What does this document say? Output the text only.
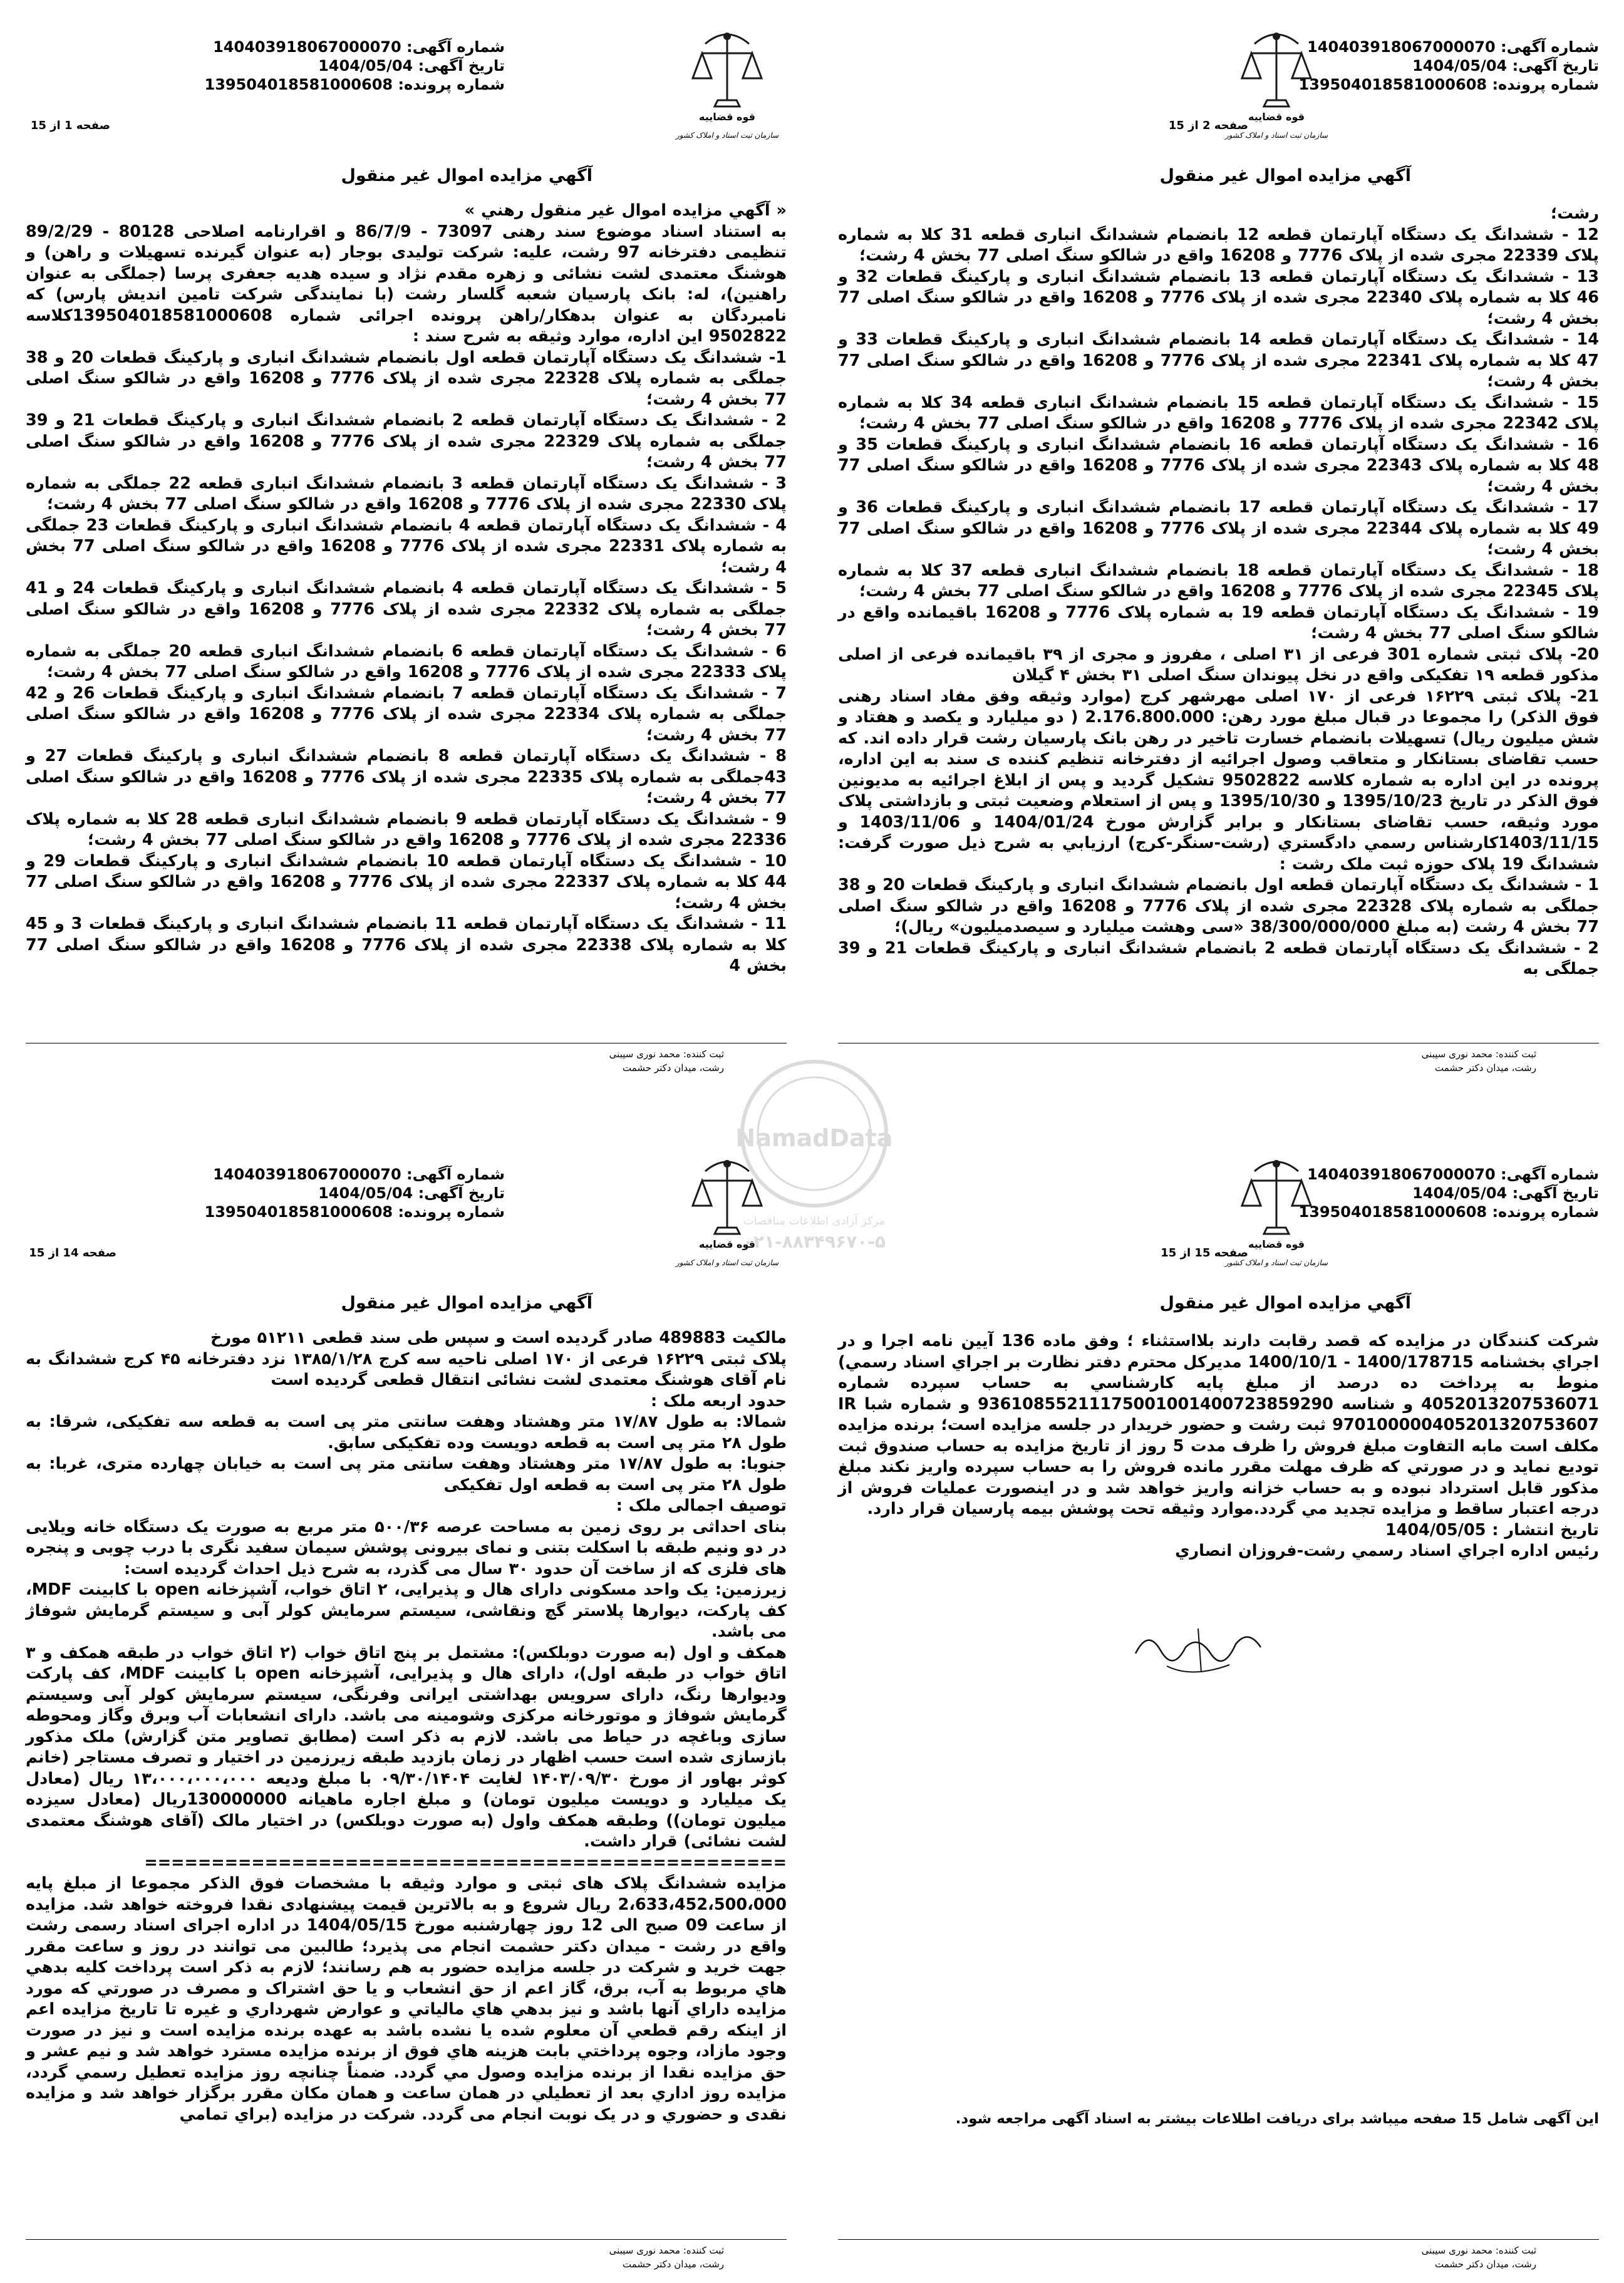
شماره آگهی: 140403918067000070
تاریخ آگهی: 1404/05/04
شماره پرونده: 139504018581000608
قوه قضاییه
سازمان ثبت اسناد و املاک کشور
صفحه 2 از 15
آگهي مزايده اموال غير منقول

رشت؛

12 - ششدانگ يک دستگاه آپارتمان قطعه 12 بانضمام ششدانگ انباری قطعه 31 کلا به شماره پلاک 22339 مجری شده از پلاک 7776 و 16208 واقع در شالکو سنگ اصلی 77 بخش 4 رشت؛

13 - ششدانگ يک دستگاه آپارتمان قطعه 13 بانضمام ششدانگ انباری و پارکينگ قطعات 32 و 46 کلا به شماره پلاک 22340 مجری شده از پلاک 7776 و 16208 واقع در شالکو سنگ اصلی 77 بخش 4 رشت؛

14 - ششدانگ يک دستگاه آپارتمان قطعه 14 بانضمام ششدانگ انباری و پارکينگ قطعات 33 و 47 کلا به شماره پلاک 22341 مجری شده از پلاک 7776 و 16208 واقع در شالکو سنگ اصلی 77 بخش 4 رشت؛

15 - ششدانگ يک دستگاه آپارتمان قطعه 15 بانضمام ششدانگ انباری قطعه 34 کلا به شماره پلاک 22342 مجری شده از پلاک 7776 و 16208 واقع در شالکو سنگ اصلی 77 بخش 4 رشت؛

16 - ششدانگ يک دستگاه آپارتمان قطعه 16 بانضمام ششدانگ انباری و پارکينگ قطعات 35 و 48 کلا به شماره پلاک 22343 مجری شده از پلاک 7776 و 16208 واقع در شالکو سنگ اصلی 77 بخش 4 رشت؛

17 - ششدانگ يک دستگاه آپارتمان قطعه 17 بانضمام ششدانگ انباری و پارکينگ قطعات 36 و 49 کلا به شماره پلاک 22344 مجری شده از پلاک 7776 و 16208 واقع در شالکو سنگ اصلی 77 بخش 4 رشت؛

18 - ششدانگ يک دستگاه آپارتمان قطعه 18 بانضمام ششدانگ انباری قطعه 37 کلا به شماره پلاک 22345 مجری شده از پلاک 7776 و 16208 واقع در شالکو سنگ اصلی 77 بخش 4 رشت؛

19 - ششدانگ يک دستگاه آپارتمان قطعه 19 به شماره پلاک 7776 و 16208 باقيمانده واقع در شالکو سنگ اصلی 77 بخش 4 رشت؛

20- پلاک ثبتی شماره 301 فرعی از ۳۱ اصلی ، مفروز و مجری از ۳۹ باقیمانده فرعی از اصلی مذکور قطعه ۱۹ تفکیکی واقع در نخل پیوندان سنگ اصلی ۳۱ بخش ۴ گیلان

21- پلاک ثبتی ۱۶۲۲۹ فرعی از ۱۷۰ اصلی مهرشهر کرج (موارد وثیقه وفق مفاد اسناد رهنی فوق الذکر) را مجموعا در قبال مبلغ مورد رهن: 2.176.800.000 ( دو میلیارد و یکصد و هفتاد و شش میلیون ریال) تسهیلات بانضمام خسارت تاخیر در رهن بانک پارسیان رشت قرار داده اند. که حسب تقاضای بستانکار و متعاقب وصول اجرائیه از دفترخانه تنظیم کننده ی سند به این اداره، پرونده در این اداره به شماره کلاسه 9502822 تشکیل گردید و پس از ابلاغ اجرائیه به مدیونین فوق الذکر در تاریخ 1395/10/23 و 1395/10/30 و پس از استعلام وضعیت ثبتی و بازداشتی پلاک مورد وثیقه، حسب تقاضای بستانکار و برابر گزارش مورخ 1404/01/24 و 1403/11/06 و 1403/11/15کارشناس رسمي دادگستري (رشت-سنگر-کرج) ارزيابي به شرح ذيل صورت گرفت: ششدانگ 19 پلاک حوزه ثبت ملک رشت :

1 - ششدانگ يک دستگاه آپارتمان قطعه اول بانضمام ششدانگ انباری و پارکينگ قطعات 20 و 38 جملگی به شماره پلاک 22328 مجری شده از پلاک 7776 و 16208 واقع در شالکو سنگ اصلی 77 بخش 4 رشت (به مبلغ 38/300/000/000 «سی وهشت ميليارد و سيصدميليون» ريال)؛

2 - ششدانگ يک دستگاه آپارتمان قطعه 2 بانضمام ششدانگ انباری و پارکينگ قطعات 21 و 39 جملگی به

ثبت کننده: محمد نوری سیبنی
رشت، میدان دکتر حشمت
شماره آگهی: 140403918067000070
تاریخ آگهی: 1404/05/04
شماره پرونده: 139504018581000608
قوه قضاییه
سازمان ثبت اسناد و املاک کشور
صفحه 1 از 15
آگهي مزايده اموال غير منقول

« آگهي مزايده اموال غير منقول رهني »

به استناد اسناد موضوع سند رهنی 73097 - 86/7/9 و اقرارنامه اصلاحی 80128 - 89/2/29 تنظيمی دفترخانه 97 رشت، عليه: شرکت توليدی بوجار (به عنوان گيرنده تسهيلات و راهن) و هوشنگ معتمدی لشت نشائی و زهره مقدم نژاد و سيده هديه جعفری پرسا (جملگی به عنوان راهنين)، له: بانک پارسيان شعبه گلسار رشت (با نمايندگی شرکت تامين انديش پارس) که نامبردگان به عنوان بدهکار/راهن پرونده اجرائی شماره 139504018581000608کلاسه 9502822 اين اداره، موارد وثيقه به شرح سند :

1- ششدانگ يک دستگاه آپارتمان قطعه اول بانضمام ششدانگ انباری و پارکينگ قطعات 20 و 38 جملگی به شماره پلاک 22328 مجری شده از پلاک 7776 و 16208 واقع در شالکو سنگ اصلی 77 بخش 4 رشت؛

2 - ششدانگ يک دستگاه آپارتمان قطعه 2 بانضمام ششدانگ انباری و پارکينگ قطعات 21 و 39 جملگی به شماره پلاک 22329 مجری شده از پلاک 7776 و 16208 واقع در شالکو سنگ اصلی 77 بخش 4 رشت؛

3 - ششدانگ يک دستگاه آپارتمان قطعه 3 بانضمام ششدانگ انباری قطعه 22 جملگی به شماره پلاک 22330 مجری شده از پلاک 7776 و 16208 واقع در شالکو سنگ اصلی 77 بخش 4 رشت؛

4 - ششدانگ يک دستگاه آپارتمان قطعه 4 بانضمام ششدانگ انباری و پارکينگ قطعات 23 جملگی به شماره پلاک 22331 مجری شده از پلاک 7776 و 16208 واقع در شالکو سنگ اصلی 77 بخش 4 رشت؛

5 - ششدانگ يک دستگاه آپارتمان قطعه 4 بانضمام ششدانگ انباری و پارکينگ قطعات 24 و 41 جملگی به شماره پلاک 22332 مجری شده از پلاک 7776 و 16208 واقع در شالکو سنگ اصلی 77 بخش 4 رشت؛

6 - ششدانگ يک دستگاه آپارتمان قطعه 6 بانضمام ششدانگ انباری قطعه 20 جملگی به شماره پلاک 22333 مجری شده از پلاک 7776 و 16208 واقع در شالکو سنگ اصلی 77 بخش 4 رشت؛

7 - ششدانگ يک دستگاه آپارتمان قطعه 7 بانضمام ششدانگ انباری و پارکينگ قطعات 26 و 42 جملگی به شماره پلاک 22334 مجری شده از پلاک 7776 و 16208 واقع در شالکو سنگ اصلی 77 بخش 4 رشت؛

8 - ششدانگ يک دستگاه آپارتمان قطعه 8 بانضمام ششدانگ انباری و پارکينگ قطعات 27 و 43جملگی به شماره پلاک 22335 مجری شده از پلاک 7776 و 16208 واقع در شالکو سنگ اصلی 77 بخش 4 رشت؛

9 - ششدانگ يک دستگاه آپارتمان قطعه 9 بانضمام ششدانگ انباری قطعه 28 کلا به شماره پلاک 22336 مجری شده از پلاک 7776 و 16208 واقع در شالکو سنگ اصلی 77 بخش 4 رشت؛

10 - ششدانگ يک دستگاه آپارتمان قطعه 10 بانضمام ششدانگ انباری و پارکينگ قطعات 29 و 44 کلا به شماره پلاک 22337 مجری شده از پلاک 7776 و 16208 واقع در شالکو سنگ اصلی 77 بخش 4 رشت؛

11 - ششدانگ يک دستگاه آپارتمان قطعه 11 بانضمام ششدانگ انباری و پارکينگ قطعات 3 و 45 کلا به شماره پلاک 22338 مجری شده از پلاک 7776 و 16208 واقع در شالکو سنگ اصلی 77 بخش 4

ثبت کننده: محمد نوری سیبنی
رشت، میدان دکتر حشمت
شماره آگهی: 140403918067000070
تاریخ آگهی: 1404/05/04
شماره پرونده: 139504018581000608
قوه قضاییه
سازمان ثبت اسناد و املاک کشور
صفحه 15 از 15
آگهي مزايده اموال غير منقول

شرکت کنندگان در مزايده که قصد رقابت دارند بلااستثناء ؛ وفق ماده 136 آيين نامه اجرا و در اجراي بخشنامه 1400/178715 - 1400/10/1 مديرکل محترم دفتر نظارت بر اجراي اسناد رسمي) منوط به پرداخت ده درصد از مبلغ پايه کارشناسي به حساب سپرده شماره 4052013207536071 و شناسه 93610855211175001001400723859290 و شماره شبا IR 970100000405201320753607 ثبت رشت و حضور خريدار در جلسه مزايده است؛ برنده مزايده مکلف است مابه التفاوت مبلغ فروش را ظرف مدت 5 روز از تاريخ مزايده به حساب صندوق ثبت توديع نمايد و در صورتي که ظرف مهلت مقرر مانده فروش را به حساب سپرده واريز نکند مبلغ مذکور قابل استرداد نبوده و به حساب خزانه واريز خواهد شد و در اينصورت عمليات فروش از درجه اعتبار ساقط و مزايده تجديد مي گردد.موارد وثيقه تحت پوشش بيمه پارسيان قرار دارد.

تاريخ انتشار : 1404/05/05

رئيس اداره اجراي اسناد رسمي رشت-فروزان انصاري

این آگهی شامل 15 صفحه میباشد برای دریافت اطلاعات بیشتر به اسناد آگهی مراجعه شود.
ثبت کننده: محمد نوری سیبنی
رشت، میدان دکتر حشمت
شماره آگهی: 140403918067000070
تاریخ آگهی: 1404/05/04
شماره پرونده: 139504018581000608
قوه قضاییه
سازمان ثبت اسناد و املاک کشور
صفحه 14 از 15
آگهي مزايده اموال غير منقول

مالکیت 489883 صادر گردیده است و سپس طی سند قطعی ۵۱۲۱۱ مورخ

پلاک ثبتی ۱۶۲۲۹ فرعی از ۱۷۰ اصلی ناحیه سه کرج ۱۳۸۵/۱/۲۸ نزد دفترخانه ۴۵ کرج ششدانگ به نام آقای هوشنگ معتمدی لشت نشائی انتقال قطعی گردیده است

حدود اربعه ملک :

شمالا: به طول ۱۷/۸۷ متر وهشتاد وهفت سانتی متر پی است به قطعه سه تفکیکی، شرقا: به طول ۲۸ متر پی است به قطعه دویست وده تفکیکی سابق.

جنوبا: به طول ۱۷/۸۷ متر وهشتاد وهفت سانتی متر پی است به خیابان چهارده متری، غربا: به طول ۲۸ متر پی است به قطعه اول تفکیکی

توصیف اجمالی ملک :

بنای احداثی بر روی زمین به مساحت عرصه ۵۰۰/۳۶ متر مربع به صورت یک دستگاه خانه ویلایی در دو ونیم طبقه با اسکلت بتنی و نمای بیرونی پوشش سیمان سفید نگری با درب چوبی و پنجره های فلزی که از ساخت آن حدود ۳۰ سال می گذرد، به شرح ذیل احداث گردیده است:

زیرزمین: یک واحد مسکونی دارای هال و پذیرایی، ۲ اتاق خواب، آشپزخانه open با کابینت MDF، کف پارکت، دیوارها پلاستر گچ ونقاشی، سیستم سرمایش کولر آبی و سیستم گرمایش شوفاژ می باشد.

همکف و اول (به صورت دوبلکس): مشتمل بر پنج اتاق خواب (۲ اتاق خواب در طبقه همکف و ۳ اتاق خواب در طبقه اول)، دارای هال و پذیرایی، آشپزخانه open با کابینت MDF، کف پارکت ودیوارها رنگ، دارای سرویس بهداشتی ایرانی وفرنگی، سیستم سرمایش کولر آبی وسیستم گرمایش شوفاژ و موتورخانه مرکزی وشومینه می باشد. دارای انشعابات آب وبرق وگاز ومحوطه سازی وباغچه در حیاط می باشد. لازم به ذکر است (مطابق تصاویر متن گزارش) ملک مذکور بازسازی شده است حسب اظهار در زمان بازدید طبقه زیرزمین در اختیار و تصرف مستاجر (خانم کوثر بهاور از مورخ ۱۴۰۳/۰۹/۳۰ لغایت ۰۹/۳۰/۱۴۰۴ با مبلغ ودیعه ۱۳،۰۰۰،۰۰۰،۰۰۰ ریال (معادل یک میلیارد و دویست میلیون تومان) و مبلغ اجاره ماهیانه 130000000ریال (معادل سیزده میلیون تومان)) وطبقه همکف واول (به صورت دوبلکس) در اختیار مالک (آقای هوشنگ معتمدی لشت نشائی) قرار داشت.

================================================

مزايده ششدانگ پلاک های ثبتی و موارد وثيقه با مشخصات فوق الذکر مجموعا از مبلغ پايه 2،633،452،500،000 ريال شروع و به بالاترين قيمت پيشنهادی نقدا فروخته خواهد شد. مزايده از ساعت 09 صبح الی 12 روز چهارشنبه مورخ 1404/05/15 در اداره اجرای اسناد رسمی رشت واقع در رشت - میدان دکتر حشمت انجام می پذيرد؛ طالبين می توانند در روز و ساعت مقرر جهت خريد و شرکت در جلسه مزايده حضور به هم رسانند؛ لازم به ذکر است پرداخت کليه بدهي هاي مربوط به آب، برق، گاز اعم از حق انشعاب و يا حق اشتراک و مصرف در صورتي که مورد مزايده داراي آنها باشد و نيز بدهي هاي مالياتي و عوارض شهرداري و غيره تا تاريخ مزايده اعم از اينکه رقم قطعي آن معلوم شده يا نشده باشد به عهده برنده مزايده است و نيز در صورت وجود مازاد، وجوه پرداختي بابت هزينه هاي فوق از برنده مزايده مسترد خواهد شد و نيم عشر و حق مزايده نقدا از برنده مزايده وصول مي گردد. ضمناً چنانچه روز مزايده تعطيل رسمي گردد، مزايده روز اداري بعد از تعطيلي در همان ساعت و همان مکان مقرر برگزار خواهد شد و مزايده نقدی و حضوري و در يک نوبت انجام می گردد. شرکت در مزايده (براي تمامي

ثبت کننده: محمد نوری سیبنی
رشت، میدان دکتر حشمت
NamadData
مرکز آزادی اطلاعات مناقصات
۰۲۱-۸۸۳۴۹۶۷۰-۵
